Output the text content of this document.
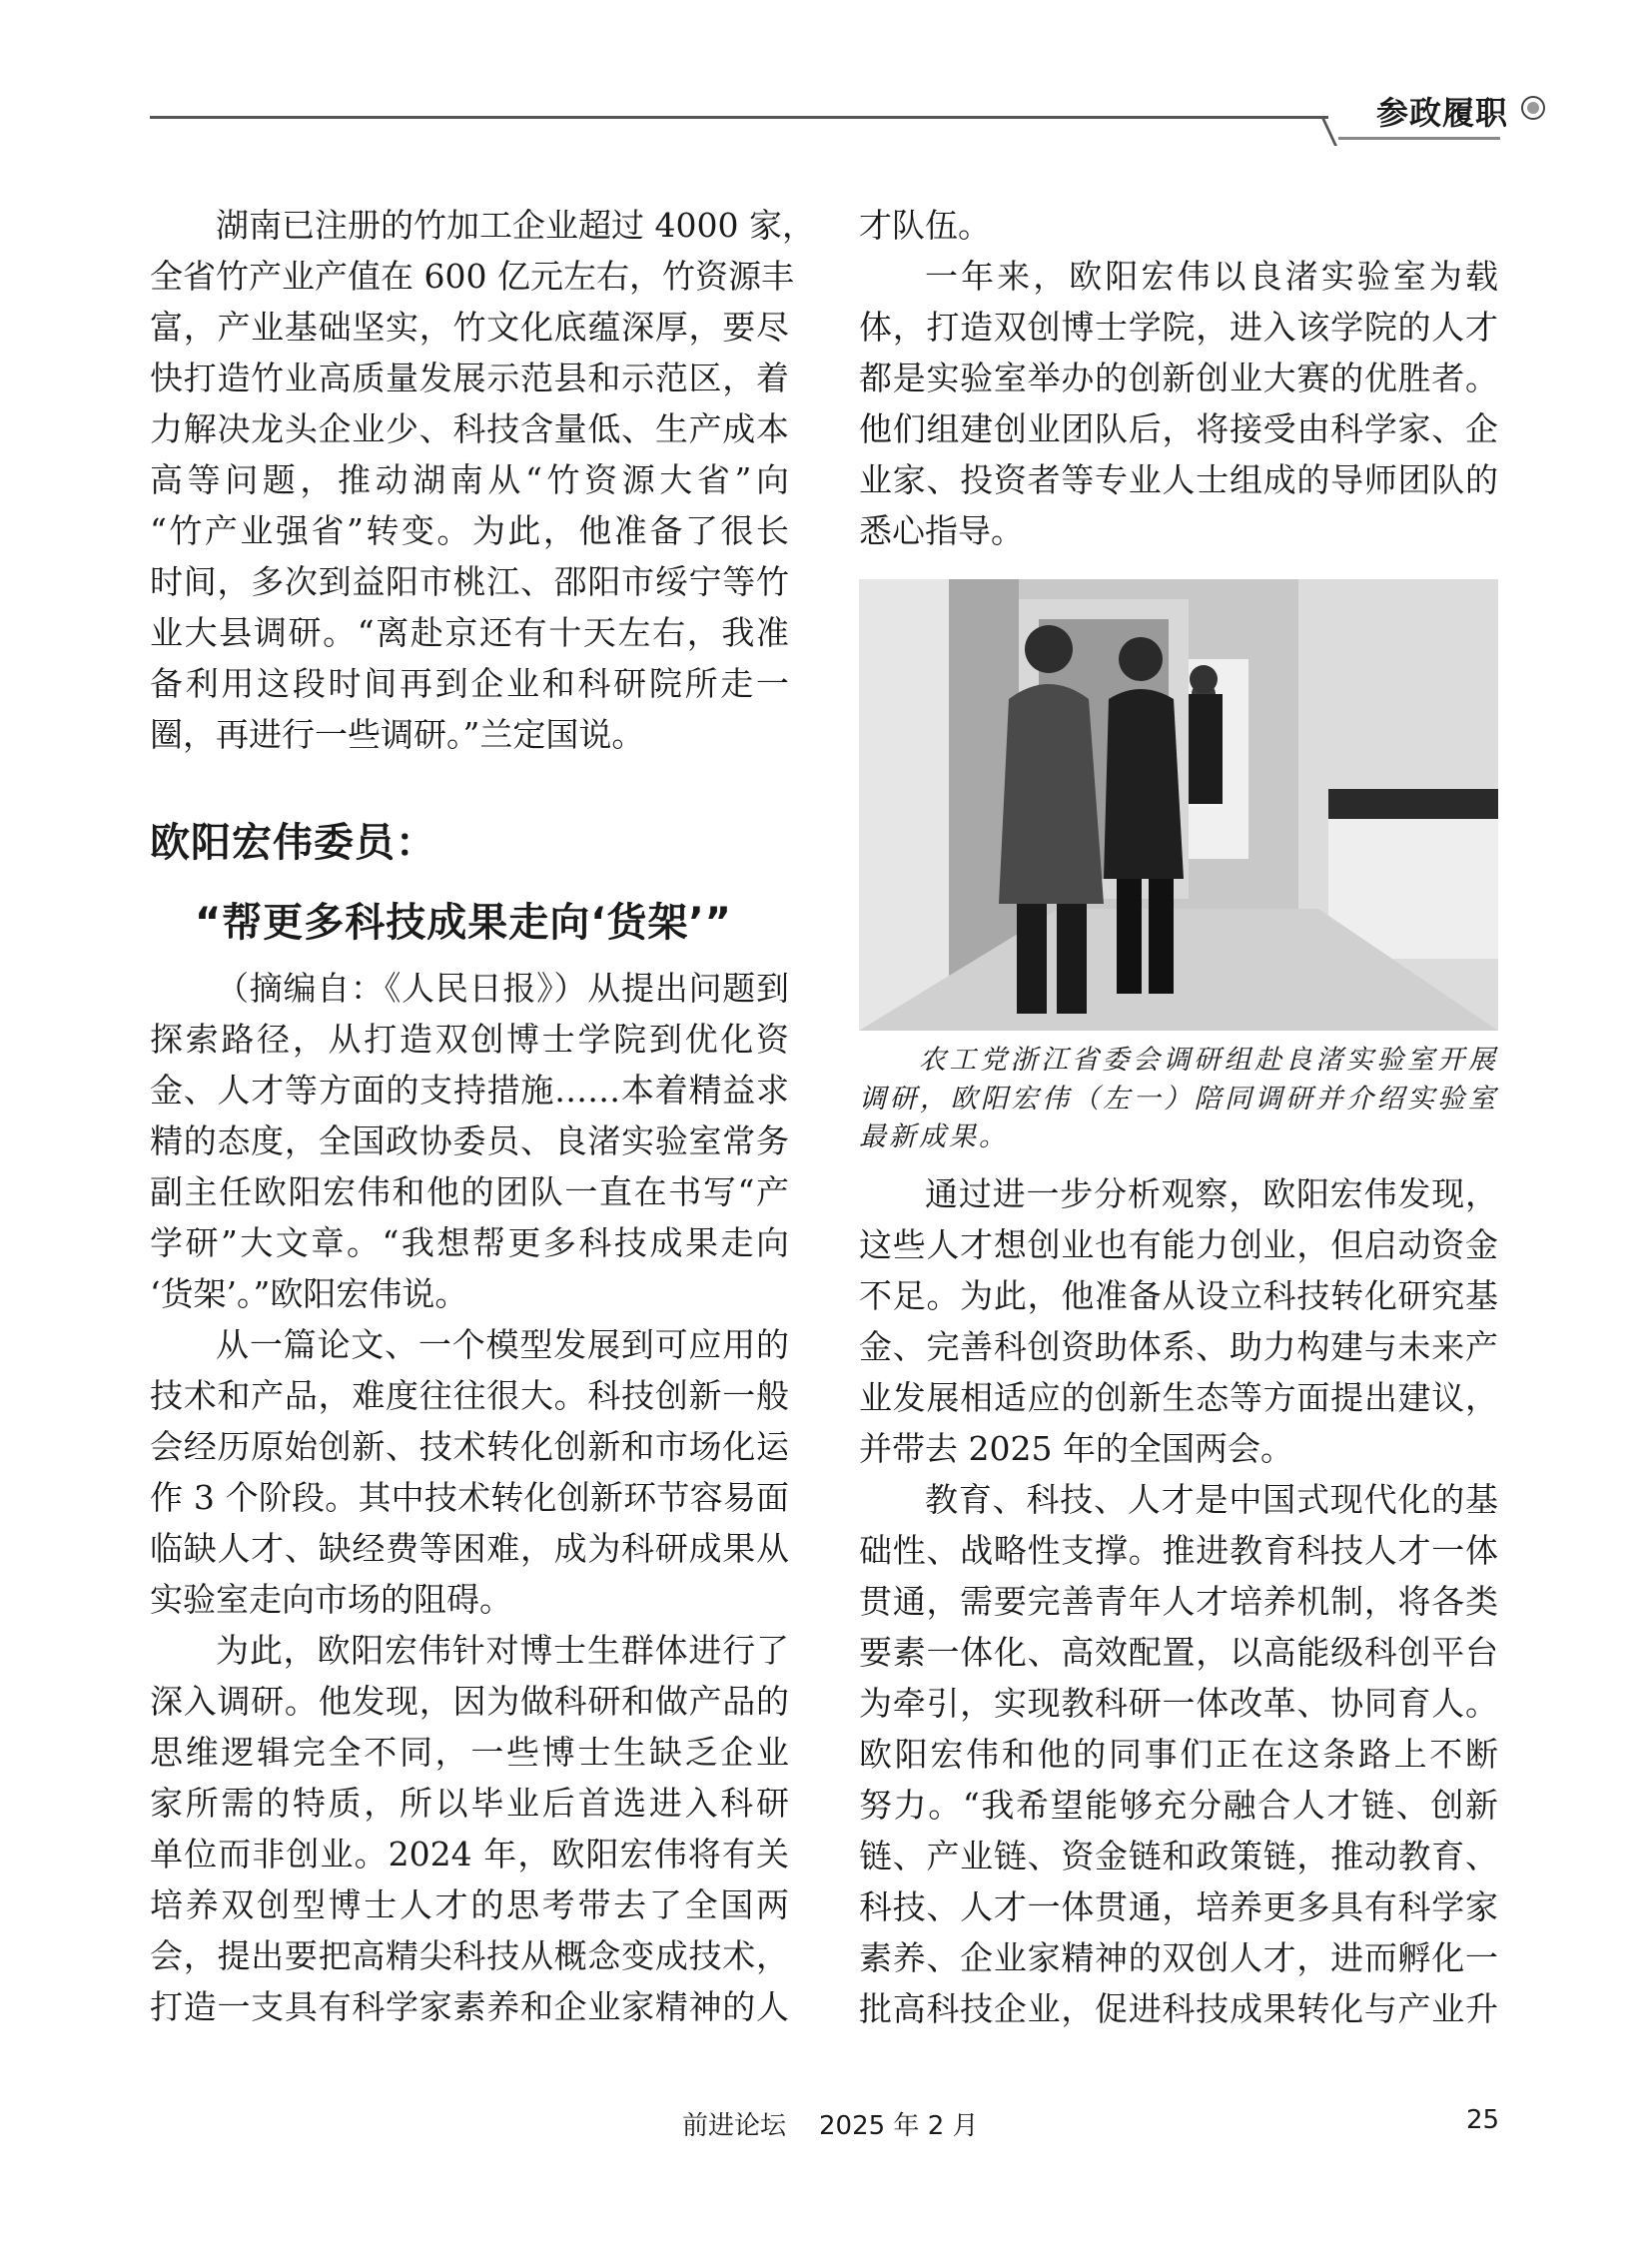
参政履职
湖南已注册的竹加工企业超过 4000 家，
全省竹产业产值在 600 亿元左右，竹资源丰
富，产业基础坚实，竹文化底蕴深厚，要尽
快打造竹业高质量发展示范县和示范区，着
力解决龙头企业少、科技含量低、生产成本
高等问题，推动湖南从“竹资源大省”向
“竹产业强省”转变。为此，他准备了很长
时间，多次到益阳市桃江、邵阳市绥宁等竹
业大县调研。“离赴京还有十天左右，我准
备利用这段时间再到企业和科研院所走一
圈，再进行一些调研。”兰定国说。
欧阳宏伟委员：
“帮更多科技成果走向‘货架’”
（摘编自：《人民日报》）从提出问题到
探索路径，从打造双创博士学院到优化资
金、人才等方面的支持措施……本着精益求
精的态度，全国政协委员、良渚实验室常务
副主任欧阳宏伟和他的团队一直在书写“产
学研”大文章。“我想帮更多科技成果走向
‘货架’。”欧阳宏伟说。
从一篇论文、一个模型发展到可应用的
技术和产品，难度往往很大。科技创新一般
会经历原始创新、技术转化创新和市场化运
作 3 个阶段。其中技术转化创新环节容易面
临缺人才、缺经费等困难，成为科研成果从
实验室走向市场的阻碍。
为此，欧阳宏伟针对博士生群体进行了
深入调研。他发现，因为做科研和做产品的
思维逻辑完全不同，一些博士生缺乏企业
家所需的特质，所以毕业后首选进入科研
单位而非创业。2024 年，欧阳宏伟将有关
培养双创型博士人才的思考带去了全国两
会，提出要把高精尖科技从概念变成技术，
打造一支具有科学家素养和企业家精神的人
才队伍。
一年来，欧阳宏伟以良渚实验室为载
体，打造双创博士学院，进入该学院的人才
都是实验室举办的创新创业大赛的优胜者。
他们组建创业团队后，将接受由科学家、企
业家、投资者等专业人士组成的导师团队的
悉心指导。
农工党浙江省委会调研组赴良渚实验室开展
调研，欧阳宏伟（左一）陪同调研并介绍实验室
最新成果。
通过进一步分析观察，欧阳宏伟发现，
这些人才想创业也有能力创业，但启动资金
不足。为此，他准备从设立科技转化研究基
金、完善科创资助体系、助力构建与未来产
业发展相适应的创新生态等方面提出建议，
并带去 2025 年的全国两会。
教育、科技、人才是中国式现代化的基
础性、战略性支撑。推进教育科技人才一体
贯通，需要完善青年人才培养机制，将各类
要素一体化、高效配置，以高能级科创平台
为牵引，实现教科研一体改革、协同育人。
欧阳宏伟和他的同事们正在这条路上不断
努力。“我希望能够充分融合人才链、创新
链、产业链、资金链和政策链，推动教育、
科技、人才一体贯通，培养更多具有科学家
素养、企业家精神的双创人才，进而孵化一
批高科技企业，促进科技成果转化与产业升
前进论坛 2025 年 2 月	25
